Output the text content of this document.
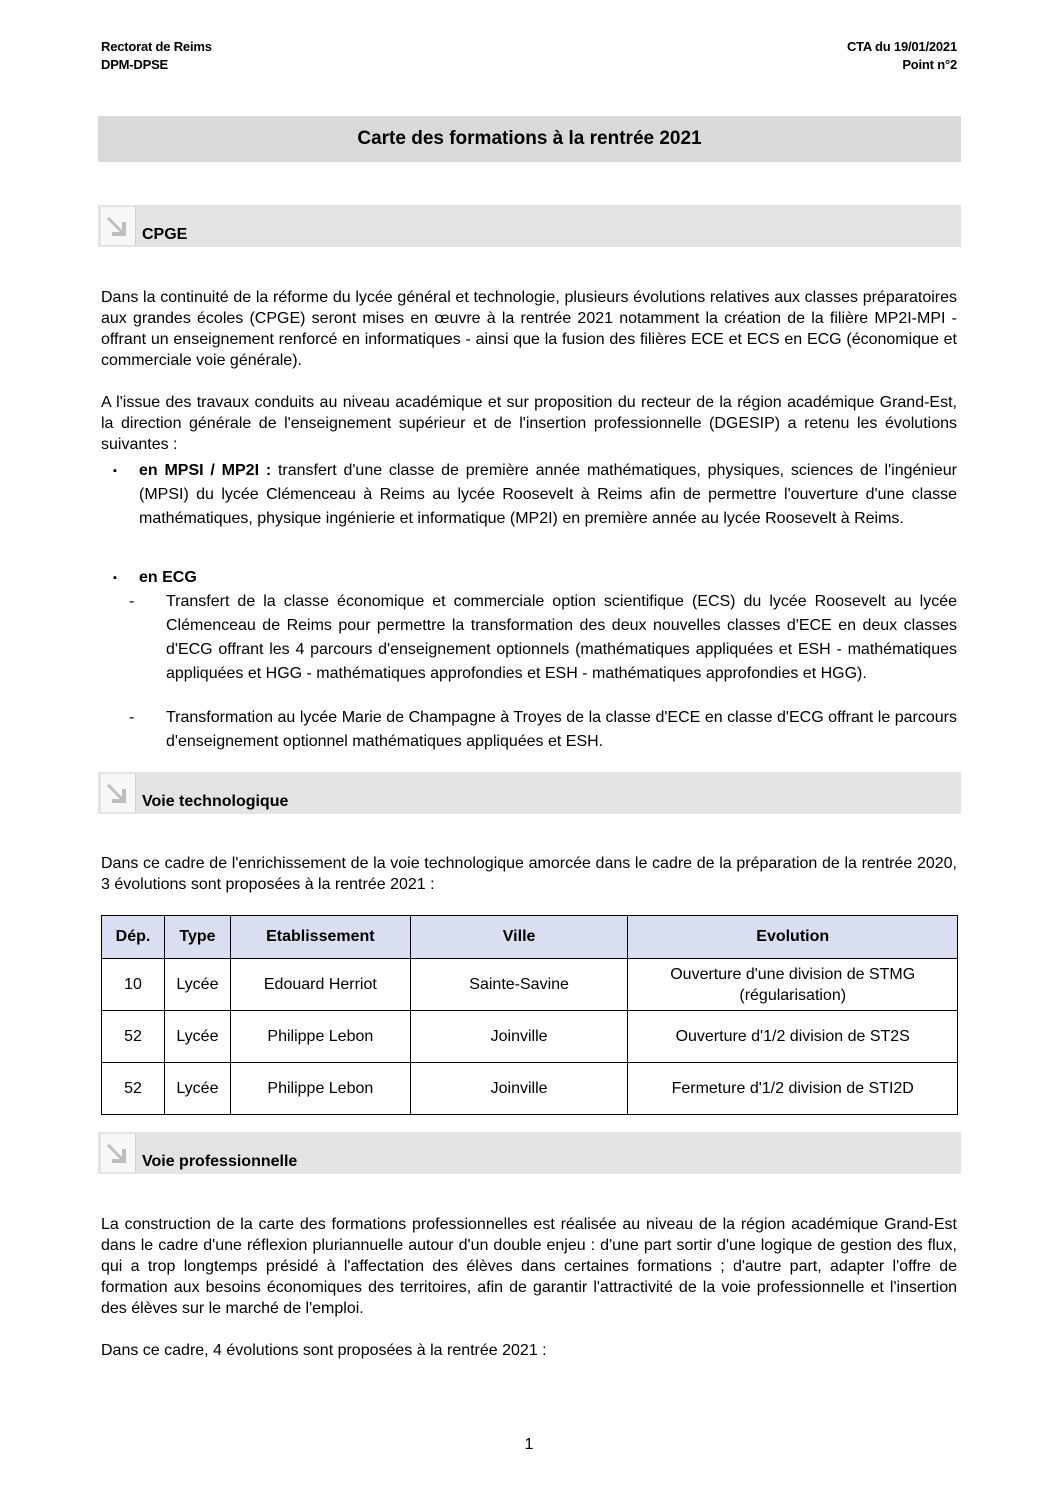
Rectorat de Reims
DPM-DPSE
CTA du 19/01/2021
Point n°2
Carte des formations à la rentrée 2021
CPGE

Dans la continuité de la réforme du lycée général et technologie, plusieurs évolutions relatives aux classes préparatoires aux grandes écoles (CPGE) seront mises en œuvre à la rentrée 2021 notamment la création de la filière MP2I-MPI - offrant un enseignement renforcé en informatiques - ainsi que la fusion des filières ECE et ECS en ECG (économique et commerciale voie générale).

A l'issue des travaux conduits au niveau académique et sur proposition du recteur de la région académique Grand-Est, la direction générale de l'enseignement supérieur et de l'insertion professionnelle (DGESIP) a retenu les évolutions suivantes :

▪ en MPSI / MP2I : transfert d'une classe de première année mathématiques, physiques, sciences de l'ingénieur (MPSI) du lycée Clémenceau à Reims au lycée Roosevelt à Reims afin de permettre l'ouverture d'une classe mathématiques, physique ingénierie et informatique (MP2I) en première année au lycée Roosevelt à Reims.
▪ en ECG
- Transfert de la classe économique et commerciale option scientifique (ECS) du lycée Roosevelt au lycée Clémenceau de Reims pour permettre la transformation des deux nouvelles classes d'ECE en deux classes d'ECG offrant les 4 parcours d'enseignement optionnels (mathématiques appliquées et ESH - mathématiques appliquées et HGG - mathématiques approfondies et ESH - mathématiques approfondies et HGG).
- Transformation au lycée Marie de Champagne à Troyes de la classe d'ECE en classe d'ECG offrant le parcours d'enseignement optionnel mathématiques appliquées et ESH.
Voie technologique

Dans ce cadre de l'enrichissement de la voie technologique amorcée dans le cadre de la préparation de la rentrée 2020, 3 évolutions sont proposées à la rentrée 2021 :

Dép.	Type	Etablissement	Ville	Evolution
10	Lycée	Edouard Herriot	Sainte-Savine	Ouverture d'une division de STMG (régularisation)
52	Lycée	Philippe Lebon	Joinville	Ouverture d'1/2 division de ST2S
52	Lycée	Philippe Lebon	Joinville	Fermeture d'1/2 division de STI2D
Voie professionnelle

La construction de la carte des formations professionnelles est réalisée au niveau de la région académique Grand-Est dans le cadre d'une réflexion pluriannuelle autour d'un double enjeu : d'une part sortir d'une logique de gestion des flux, qui a trop longtemps présidé à l'affectation des élèves dans certaines formations ; d'autre part, adapter l'offre de formation aux besoins économiques des territoires, afin de garantir l'attractivité de la voie professionnelle et l'insertion des élèves sur le marché de l'emploi.

Dans ce cadre, 4 évolutions sont proposées à la rentrée 2021 :

1
